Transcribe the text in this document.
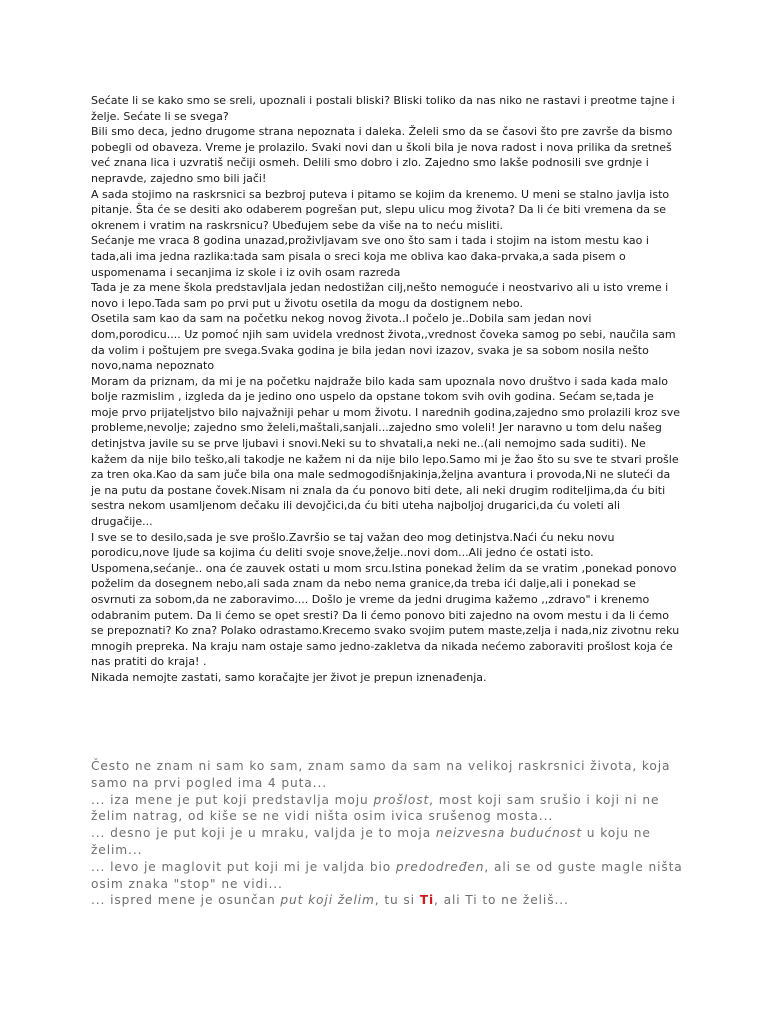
Sećate li se kako smo se sreli, upoznali i postali bliski? Bliski toliko da nas niko ne rastavi i preotme tajne i želje. Sećate li se svega?
Bili smo deca, jedno drugome strana nepoznata i daleka. Želeli smo da se časovi što pre završe da bismo pobegli od obaveza. Vreme je prolazilo. Svaki novi dan u školi bila je nova radost i nova prilika da sretneš već znana lica i uzvratiš nečiji osmeh. Delili smo dobro i zlo. Zajedno smo lakše podnosili sve grdnje i nepravde, zajedno smo bili jači!
A sada stojimo na raskrsnici sa bezbroj puteva i pitamo se kojim da krenemo. U meni se stalno javlja isto pitanje. Šta će se desiti ako odaberem pogrešan put, slepu ulicu mog života? Da li će biti vremena da se okrenem i vratim na raskrsnicu? Ubeđujem sebe da više na to neću misliti.
Sećanje me vraca 8 godina unazad,proživljavam sve ono što sam i tada i stojim na istom mestu kao i tada,ali ima jedna razlika:tada sam pisala o sreci koja me obliva kao đaka-prvaka,a sada pisem o uspomenama i secanjima iz skole i iz ovih osam razreda
Tada je za mene škola predstavljala jedan nedostižan cilj,nešto nemoguće i neostvarivo ali u isto vreme i novo i lepo.Tada sam po prvi put u životu osetila da mogu da dostignem nebo.
Osetila sam kao da sam na početku nekog novog života..I počelo je..Dobila sam jedan novi dom,porodicu.... Uz pomoć njih sam uvidela vrednost života,,vrednost čoveka samog po sebi, naučila sam da volim i poštujem pre svega.Svaka godina je bila jedan novi izazov, svaka je sa sobom nosila nešto novo,nama nepoznato
Moram da priznam, da mi je na početku najdraže bilo kada sam upoznala novo društvo i sada kada malo bolje razmislim , izgleda da je jedino ono uspelo da opstane tokom svih ovih godina. Sećam se,tada je moje prvo prijateljstvo bilo najvažniji pehar u mom životu. I narednih godina,zajedno smo prolazili kroz sve probleme,nevolje; zajedno smo želeli,maštali,sanjali...zajedno smo voleli! Jer naravno u tom delu našeg detinjstva javile su se prve ljubavi i snovi.Neki su to shvatali,a neki ne..(ali nemojmo sada suditi). Ne kažem da nije bilo teško,ali takodje ne kažem ni da nije bilo lepo.Samo mi je žao što su sve te stvari prošle za tren oka.Kao da sam juče bila ona male sedmogodišnjakinja,željna avantura i provoda,Ni ne sluteći da je na putu da postane čovek.Nisam ni znala da ću ponovo biti dete, ali neki drugim roditeljima,da ću biti sestra nekom usamljenom dečaku ili devojčici,da ću biti uteha najboljoj drugarici,da ću voleti ali drugačije...
I sve se to desilo,sada je sve prošlo.Završio se taj važan deo mog detinjstva.Naći ću neku novu porodicu,nove ljude sa kojima ću deliti svoje snove,želje..novi dom...Ali jedno će ostati isto. Uspomena,sećanje.. ona će zauvek ostati u mom srcu.Istina ponekad želim da se vratim ,ponekad ponovo poželim da dosegnem nebo,ali sada znam da nebo nema granice,da treba ići dalje,ali i ponekad se osvrnuti za sobom,da ne zaboravimo.... Došlo je vreme da jedni drugima kažemo ,,zdravo" i krenemo odabranim putem. Da li ćemo se opet sresti? Da li ćemo ponovo biti zajedno na ovom mestu i da li ćemo se prepoznati? Ko zna? Polako odrastamo.Krecemo svako svojim putem maste,zelja i nada,niz zivotnu reku mnogih prepreka. Na kraju nam ostaje samo jedno-zakletva da nikada nećemo zaboraviti prošlost koja će nas pratiti do kraja! .
Nikada nemojte zastati, samo koračajte jer život je prepun iznenađenja.
Često ne znam ni sam ko sam, znam samo da sam na velikoj raskrsnici života, koja samo na prvi pogled ima 4 puta...
... iza mene je put koji predstavlja moju prošlost, most koji sam srušio i koji ni ne želim natrag, od kiše se ne vidi ništa osim ivica srušenog mosta...
... desno je put koji je u mraku, valjda je to moja neizvesna budućnost u koju ne želim...
... levo je maglovit put koji mi je valjda bio predodređen, ali se od guste magle ništa osim znaka "stop" ne vidi...
... ispred mene je osunčan put koji želim, tu si Ti, ali Ti to ne želiš...
